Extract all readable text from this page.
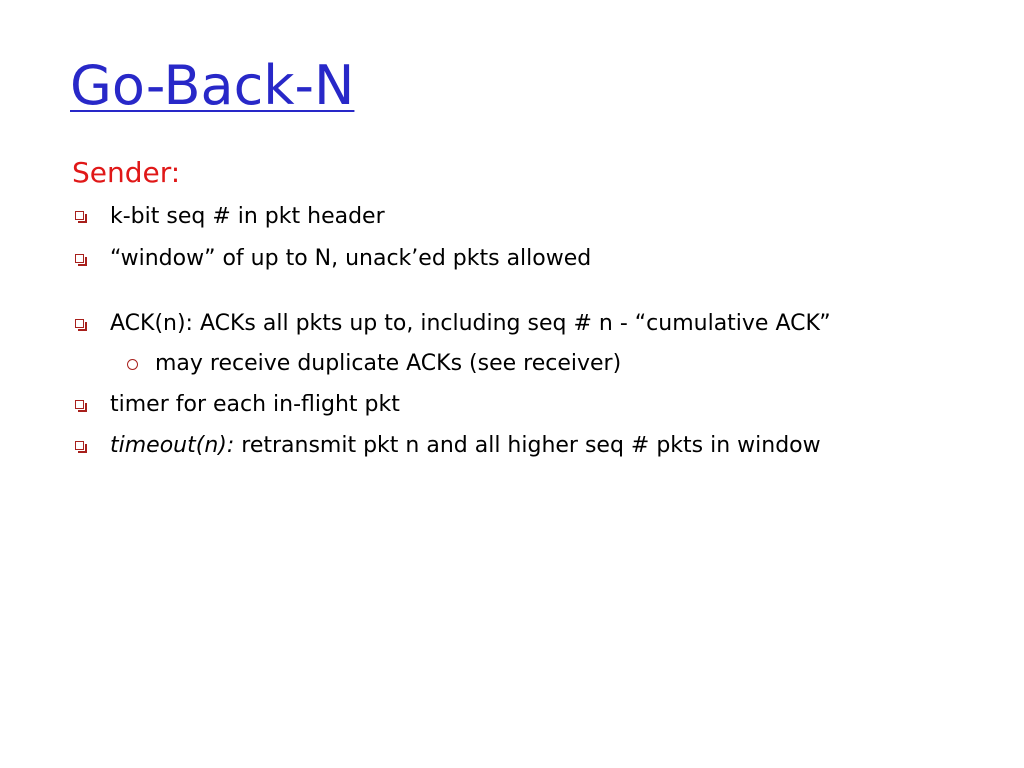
Go-Back-N
Sender:
k-bit seq # in pkt header
“window” of up to N, unack’ed pkts allowed
ACK(n): ACKs all pkts up to, including seq # n - “cumulative ACK”
may receive duplicate ACKs (see receiver)
timer for each in-flight pkt
timeout(n): retransmit pkt n and all higher seq # pkts in window
